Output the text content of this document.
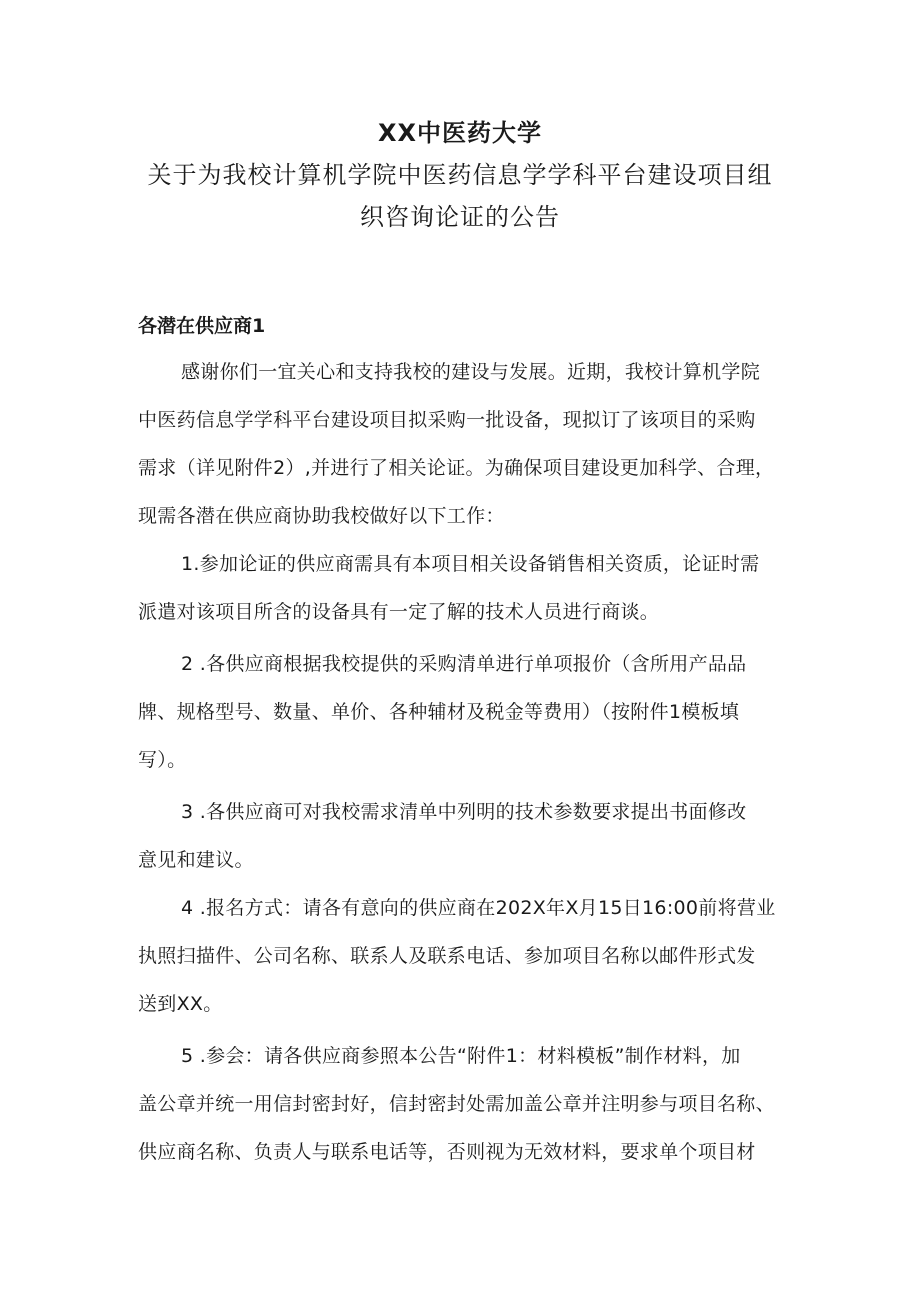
XX中医药大学
关于为我校计算机学院中医药信息学学科平台建设项目组
织咨询论证的公告
各潜在供应商1
感谢你们一宜关心和支持我校的建设与发展。近期，我校计算机学院
中医药信息学学科平台建设项目拟采购一批设备，现拟订了该项目的采购
需求（详见附件2）,并进行了相关论证。为确保项目建设更加科学、合理，
现需各潜在供应商协助我校做好以下工作：
1.参加论证的供应商需具有本项目相关设备销售相关资质，论证时需
派遣对该项目所含的设备具有一定了解的技术人员进行商谈。
2 .各供应商根据我校提供的采购清单进行单项报价（含所用产品品
牌、规格型号、数量、单价、各种辅材及税金等费用）（按附件1模板填
写）。
3 .各供应商可对我校需求清单中列明的技术参数要求提出书面修改
意见和建议。
4 .报名方式：请各有意向的供应商在202X年X月15日16:00前将营业
执照扫描件、公司名称、联系人及联系电话、参加项目名称以邮件形式发
送到XX。
5 .参会：请各供应商参照本公告“附件1：材料模板”制作材料，加
盖公章并统一用信封密封好，信封密封处需加盖公章并注明参与项目名称、
供应商名称、负责人与联系电话等，否则视为无效材料，要求单个项目材
